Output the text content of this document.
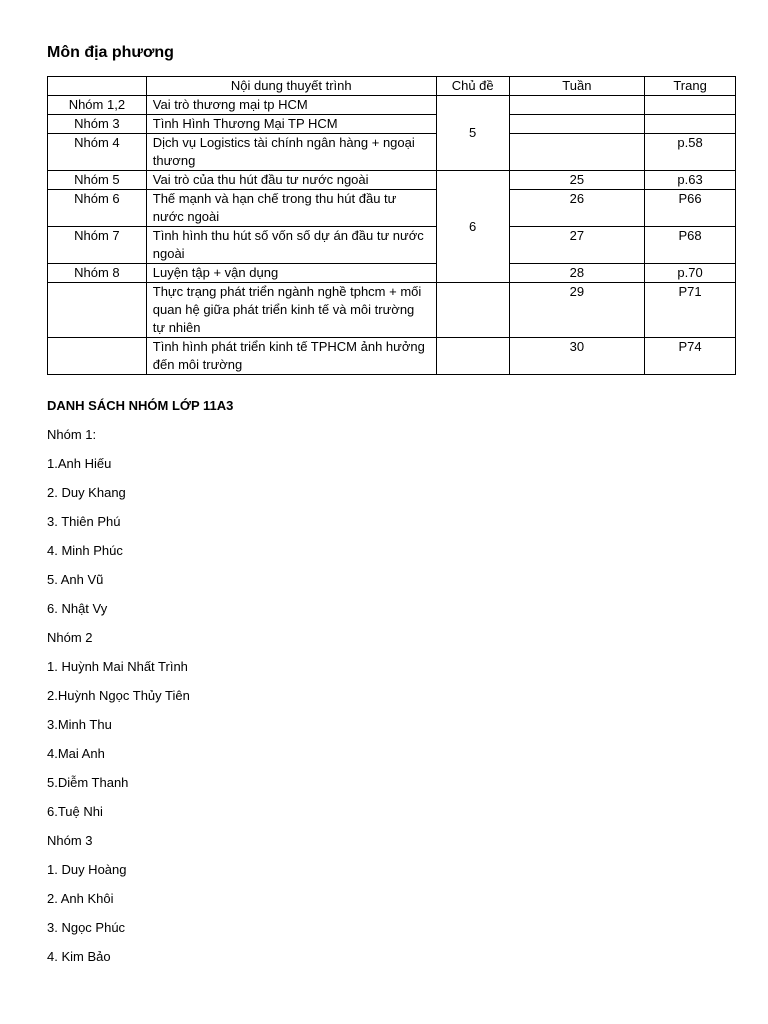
Môn địa phương
	Nội dung thuyết trình	Chủ đề	Tuần	Trang
Nhóm 1,2	Vai trò thương mại tp HCM	5		
Nhóm 3	Tình Hình Thương Mại TP HCM			
Nhóm 4	Dịch vụ Logistics tài chính ngân hàng + ngoại thương			p.58
Nhóm 5	Vai trò của thu hút đầu tư nước ngoài	6	25	p.63
Nhóm 6	Thế mạnh và hạn chế trong thu hút đầu tư nước ngoài		26	P66
Nhóm 7	Tình hình thu hút số vốn số dự án đầu tư nước ngoài		27	P68
Nhóm 8	Luyện tập + vận dụng		28	p.70
	Thực trạng phát triển ngành nghề tphcm + mối quan hệ giữa phát triển kinh tế và môi trường tự nhiên		29	P71
	Tình hình phát triển kinh tế TPHCM ảnh hưởng đến môi trường		30	P74
DANH SÁCH NHÓM LỚP 11A3
Nhóm 1:
1.Anh Hiếu
2. Duy Khang
3. Thiên Phú
4. Minh Phúc
5. Anh Vũ
6. Nhật Vy
Nhóm 2
1. Huỳnh Mai Nhất Trình
2.Huỳnh Ngọc Thủy Tiên
3.Minh Thu
4.Mai Anh
5.Diễm Thanh
6.Tuệ Nhi
Nhóm 3
1. Duy Hoàng
2. Anh Khôi
3. Ngọc Phúc
4. Kim Bảo
